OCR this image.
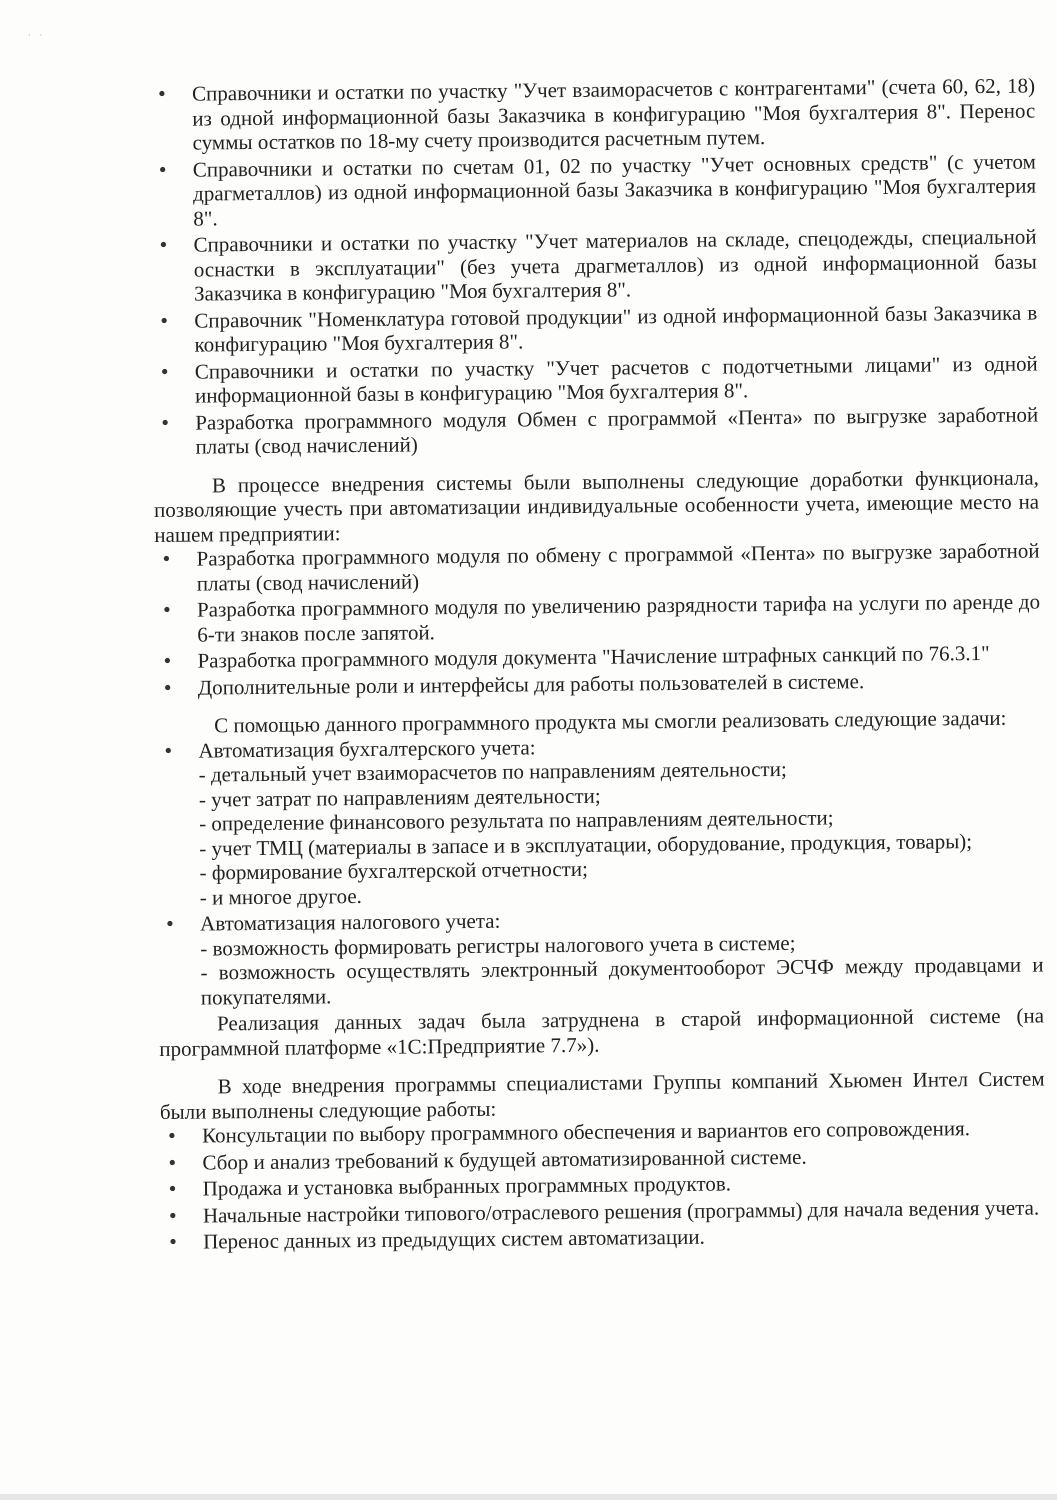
· ·
• Справочники и остатки по участку "Учет взаиморасчетов с контрагентами" (счета 60, 62, 18) из одной информационной базы Заказчика в конфигурацию "Моя бухгалтерия 8". Перенос суммы остатков по 18-му счету производится расчетным путем.
• Справочники и остатки по счетам 01, 02 по участку "Учет основных средств" (с учетом драгметаллов) из одной информационной базы Заказчика в конфигурацию "Моя бухгалтерия 8".
• Справочники и остатки по участку "Учет материалов на складе, спецодежды, специальной оснастки в эксплуатации" (без учета драгметаллов) из одной информационной базы Заказчика в конфигурацию "Моя бухгалтерия 8".
• Справочник "Номенклатура готовой продукции" из одной информационной базы Заказчика в конфигурацию "Моя бухгалтерия 8".
• Справочники и остатки по участку "Учет расчетов с подотчетными лицами" из одной информационной базы в конфигурацию "Моя бухгалтерия 8".
• Разработка программного модуля Обмен с программой «Пента» по выгрузке заработной платы (свод начислений)

В процессе внедрения системы были выполнены следующие доработки функционала, позволяющие учесть при автоматизации индивидуальные особенности учета, имеющие место на нашем предприятии:

• Разработка программного модуля по обмену с программой «Пента» по выгрузке заработной платы (свод начислений)
• Разработка программного модуля по увеличению разрядности тарифа на услуги по аренде до 6-ти знаков после запятой.
• Разработка программного модуля документа "Начисление штрафных санкций по 76.3.1"
• Дополнительные роли и интерфейсы для работы пользователей в системе.

С помощью данного программного продукта мы смогли реализовать следующие задачи:

• Автоматизация бухгалтерского учета:
- детальный учет взаиморасчетов по направлениям деятельности;
- учет затрат по направлениям деятельности;
- определение финансового результата по направлениям деятельности;
- учет ТМЦ (материалы в запасе и в эксплуатации, оборудование, продукция, товары);
- формирование бухгалтерской отчетности;
- и многое другое.
• Автоматизация налогового учета:
- возможность формировать регистры налогового учета в системе;
- возможность осуществлять электронный документооборот ЭСЧФ между продавцами и покупателями.

Реализация данных задач была затруднена в старой информационной системе (на программной платформе «1С:Предприятие 7.7»).

В ходе внедрения программы специалистами Группы компаний Хьюмен Интел Систем были выполнены следующие работы:

• Консультации по выбору программного обеспечения и вариантов его сопровождения.
• Сбор и анализ требований к будущей автоматизированной системе.
• Продажа и установка выбранных программных продуктов.
• Начальные настройки типового/отраслевого решения (программы) для начала ведения учета.
• Перенос данных из предыдущих систем автоматизации.
